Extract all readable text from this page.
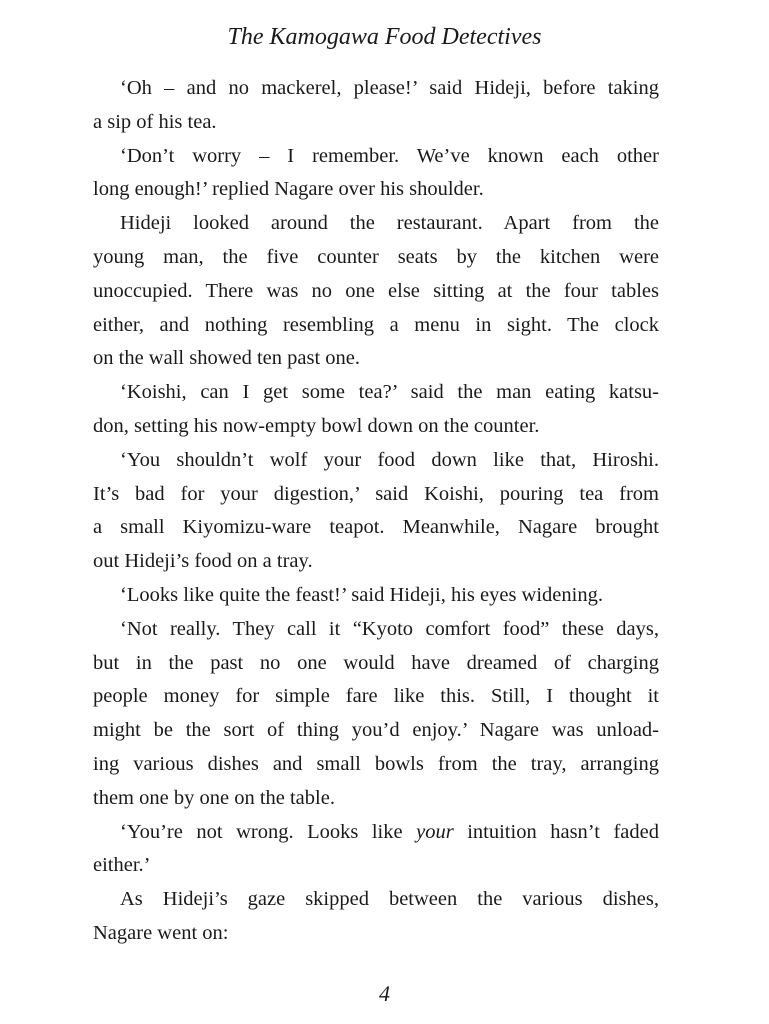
The Kamogawa Food Detectives

‘Oh – and no mackerel, please!’ said Hideji, before taking
a sip of his tea.

‘Don’t worry – I remember. We’ve known each other
long enough!’ replied Nagare over his shoulder.

Hideji looked around the restaurant. Apart from the
young man, the five counter seats by the kitchen were
unoccupied. There was no one else sitting at the four tables
either, and nothing resembling a menu in sight. The clock
on the wall showed ten past one.

‘Koishi, can I get some tea?’ said the man eating katsu-
don, setting his now-empty bowl down on the counter.

‘You shouldn’t wolf your food down like that, Hiroshi.
It’s bad for your digestion,’ said Koishi, pouring tea from
a small Kiyomizu-ware teapot. Meanwhile, Nagare brought
out Hideji’s food on a tray.

‘Looks like quite the feast!’ said Hideji, his eyes widening.

‘Not really. They call it “Kyoto comfort food” these days,
but in the past no one would have dreamed of charging
people money for simple fare like this. Still, I thought it
might be the sort of thing you’d enjoy.’ Nagare was unload-
ing various dishes and small bowls from the tray, arranging
them one by one on the table.

‘You’re not wrong. Looks like your intuition hasn’t faded
either.’

As Hideji’s gaze skipped between the various dishes,
Nagare went on:

4
